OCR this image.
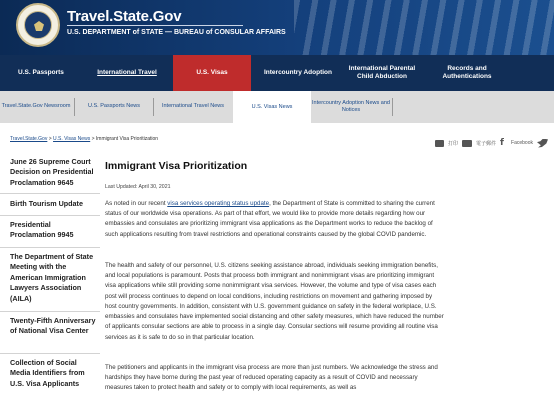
Travel.State.Gov
U.S. DEPARTMENT of STATE — BUREAU of CONSULAR AFFAIRS
U.S. Passports	International Travel	U.S. Visas	Intercountry Adoption
International Parental Child Abduction
Records and Authentications
Travel.State.Gov Newsroom	U.S. Passports News	International Travel News	U.S. Visas News
Intercountry Adoption News and Notices
Travel.State.Gov > U.S. Visas News > Immigrant Visa Prioritization
打印	電子郵件 f	Facebook
June 26 Supreme Court Decision on Presidential Proclamation 9645
Birth Tourism Update
Presidential Proclamation 9945
The Department of State Meeting with the American Immigration Lawyers Association (AILA)
Twenty-Fifth Anniversary of National Visa Center
Collection of Social Media Identifiers from U.S. Visa Applicants
Immigrant Visa Prioritization
Last Updated: April 30, 2021
As noted in our recent visa services operating status update, the Department of State is committed to sharing the current status of our worldwide visa operations. As part of that effort, we would like to provide more details regarding how our embassies and consulates are prioritizing immigrant visa applications as the Department works to reduce the backlog of such applications resulting from travel restrictions and operational constraints caused by the global COVID pandemic.
The health and safety of our personnel, U.S. citizens seeking assistance abroad, individuals seeking immigration benefits, and local populations is paramount. Posts that process both immigrant and nonimmigrant visas are prioritizing immigrant visa applications while still providing some nonimmigrant visa services. However, the volume and type of visa cases each post will process continues to depend on local conditions, including restrictions on movement and gathering imposed by host country governments. In addition, consistent with U.S. government guidance on safety in the federal workplace, U.S. embassies and consulates have implemented social distancing and other safety measures, which have reduced the number of applicants consular sections are able to process in a single day. Consular sections will resume providing all routine visa services as it is safe to do so in that particular location.
The petitioners and applicants in the immigrant visa process are more than just numbers. We acknowledge the stress and hardships they have borne during the past year of reduced operating capacity as a result of COVID and necessary measures taken to protect health and safety or to comply with local requirements, as well as
